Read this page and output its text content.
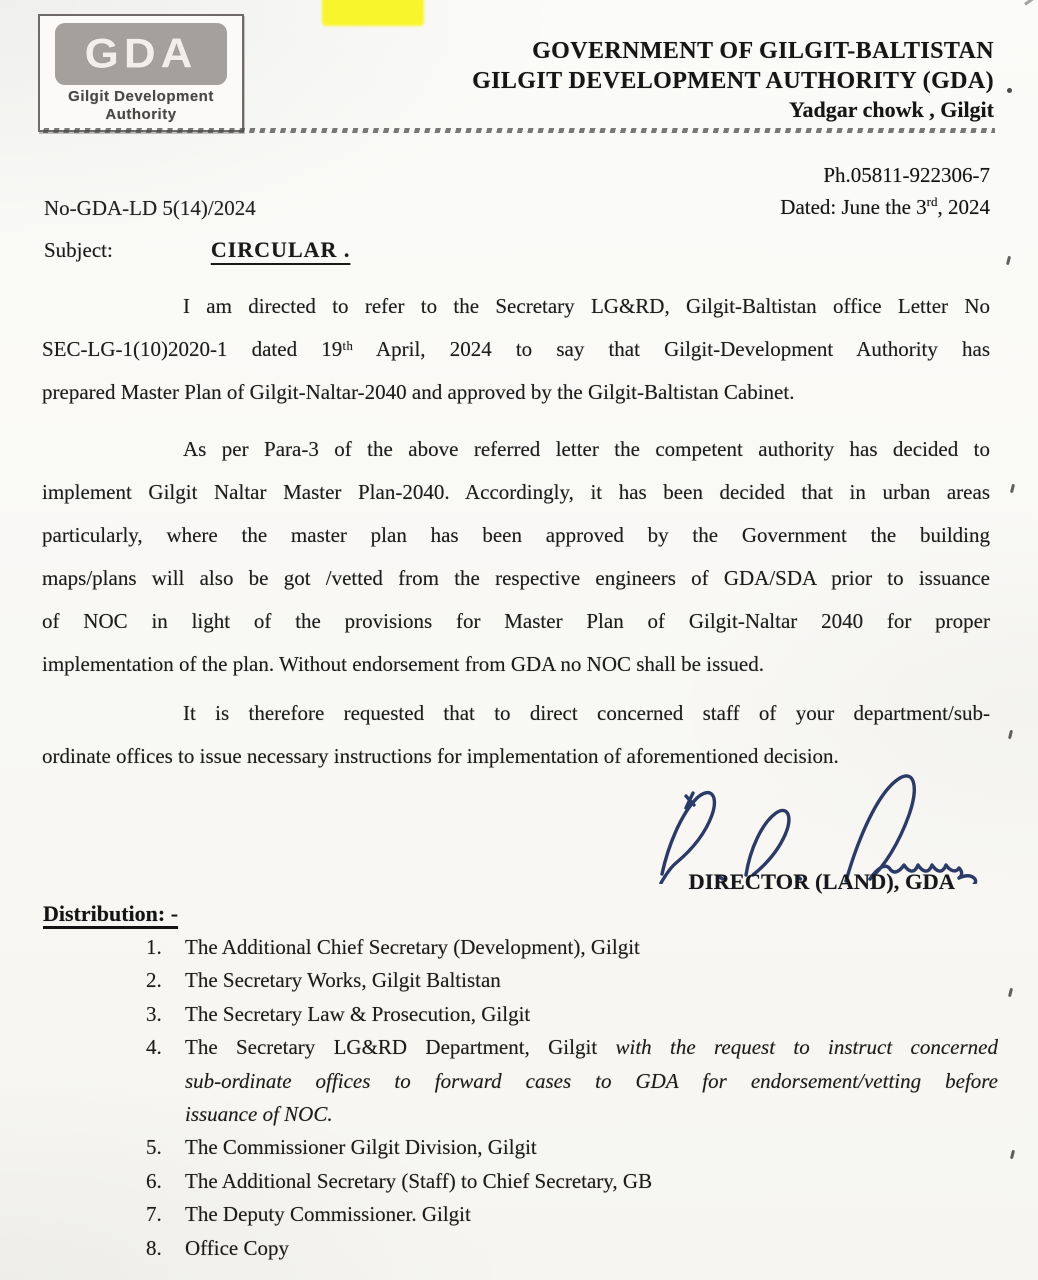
GDA
Gilgit Development
Authority
GOVERNMENT OF GILGIT-BALTISTAN
GILGIT DEVELOPMENT AUTHORITY (GDA)
Yadgar chowk , Gilgit
Ph.05811-922306-7
No-GDA-LD 5(14)/2024	Dated: June the 3rd, 2024
Subject:	CIRCULAR .
I am directed to refer to the Secretary LG&RD, Gilgit-Baltistan office Letter No
SEC-LG-1(10)2020-1 dated 19ᵗʰ April, 2024 to say that Gilgit-Development Authority has
prepared Master Plan of Gilgit-Naltar-2040 and approved by the Gilgit-Baltistan Cabinet.
As per Para-3 of the above referred letter the competent authority has decided to
implement Gilgit Naltar Master Plan-2040. Accordingly, it has been decided that in urban areas
particularly, where the master plan has been approved by the Government the building
maps/plans will also be got /vetted from the respective engineers of GDA/SDA prior to issuance
of NOC in light of the provisions for Master Plan of Gilgit-Naltar 2040 for proper
implementation of the plan. Without endorsement from GDA no NOC shall be issued.
It is therefore requested that to direct concerned staff of your department/sub-
ordinate offices to issue necessary instructions for implementation of aforementioned decision.
DIRECTOR (LAND), GDA
Distribution: -
1.	The Additional Chief Secretary (Development), Gilgit
2.	The Secretary Works, Gilgit Baltistan
3.	The Secretary Law & Prosecution, Gilgit
4.	The Secretary LG&RD Department, Gilgit with the request to instruct concerned
sub-ordinate offices to forward cases to GDA for endorsement/vetting before
issuance of NOC.
5.	The Commissioner Gilgit Division, Gilgit
6.	The Additional Secretary (Staff) to Chief Secretary, GB
7.	The Deputy Commissioner. Gilgit
8.	Office Copy
